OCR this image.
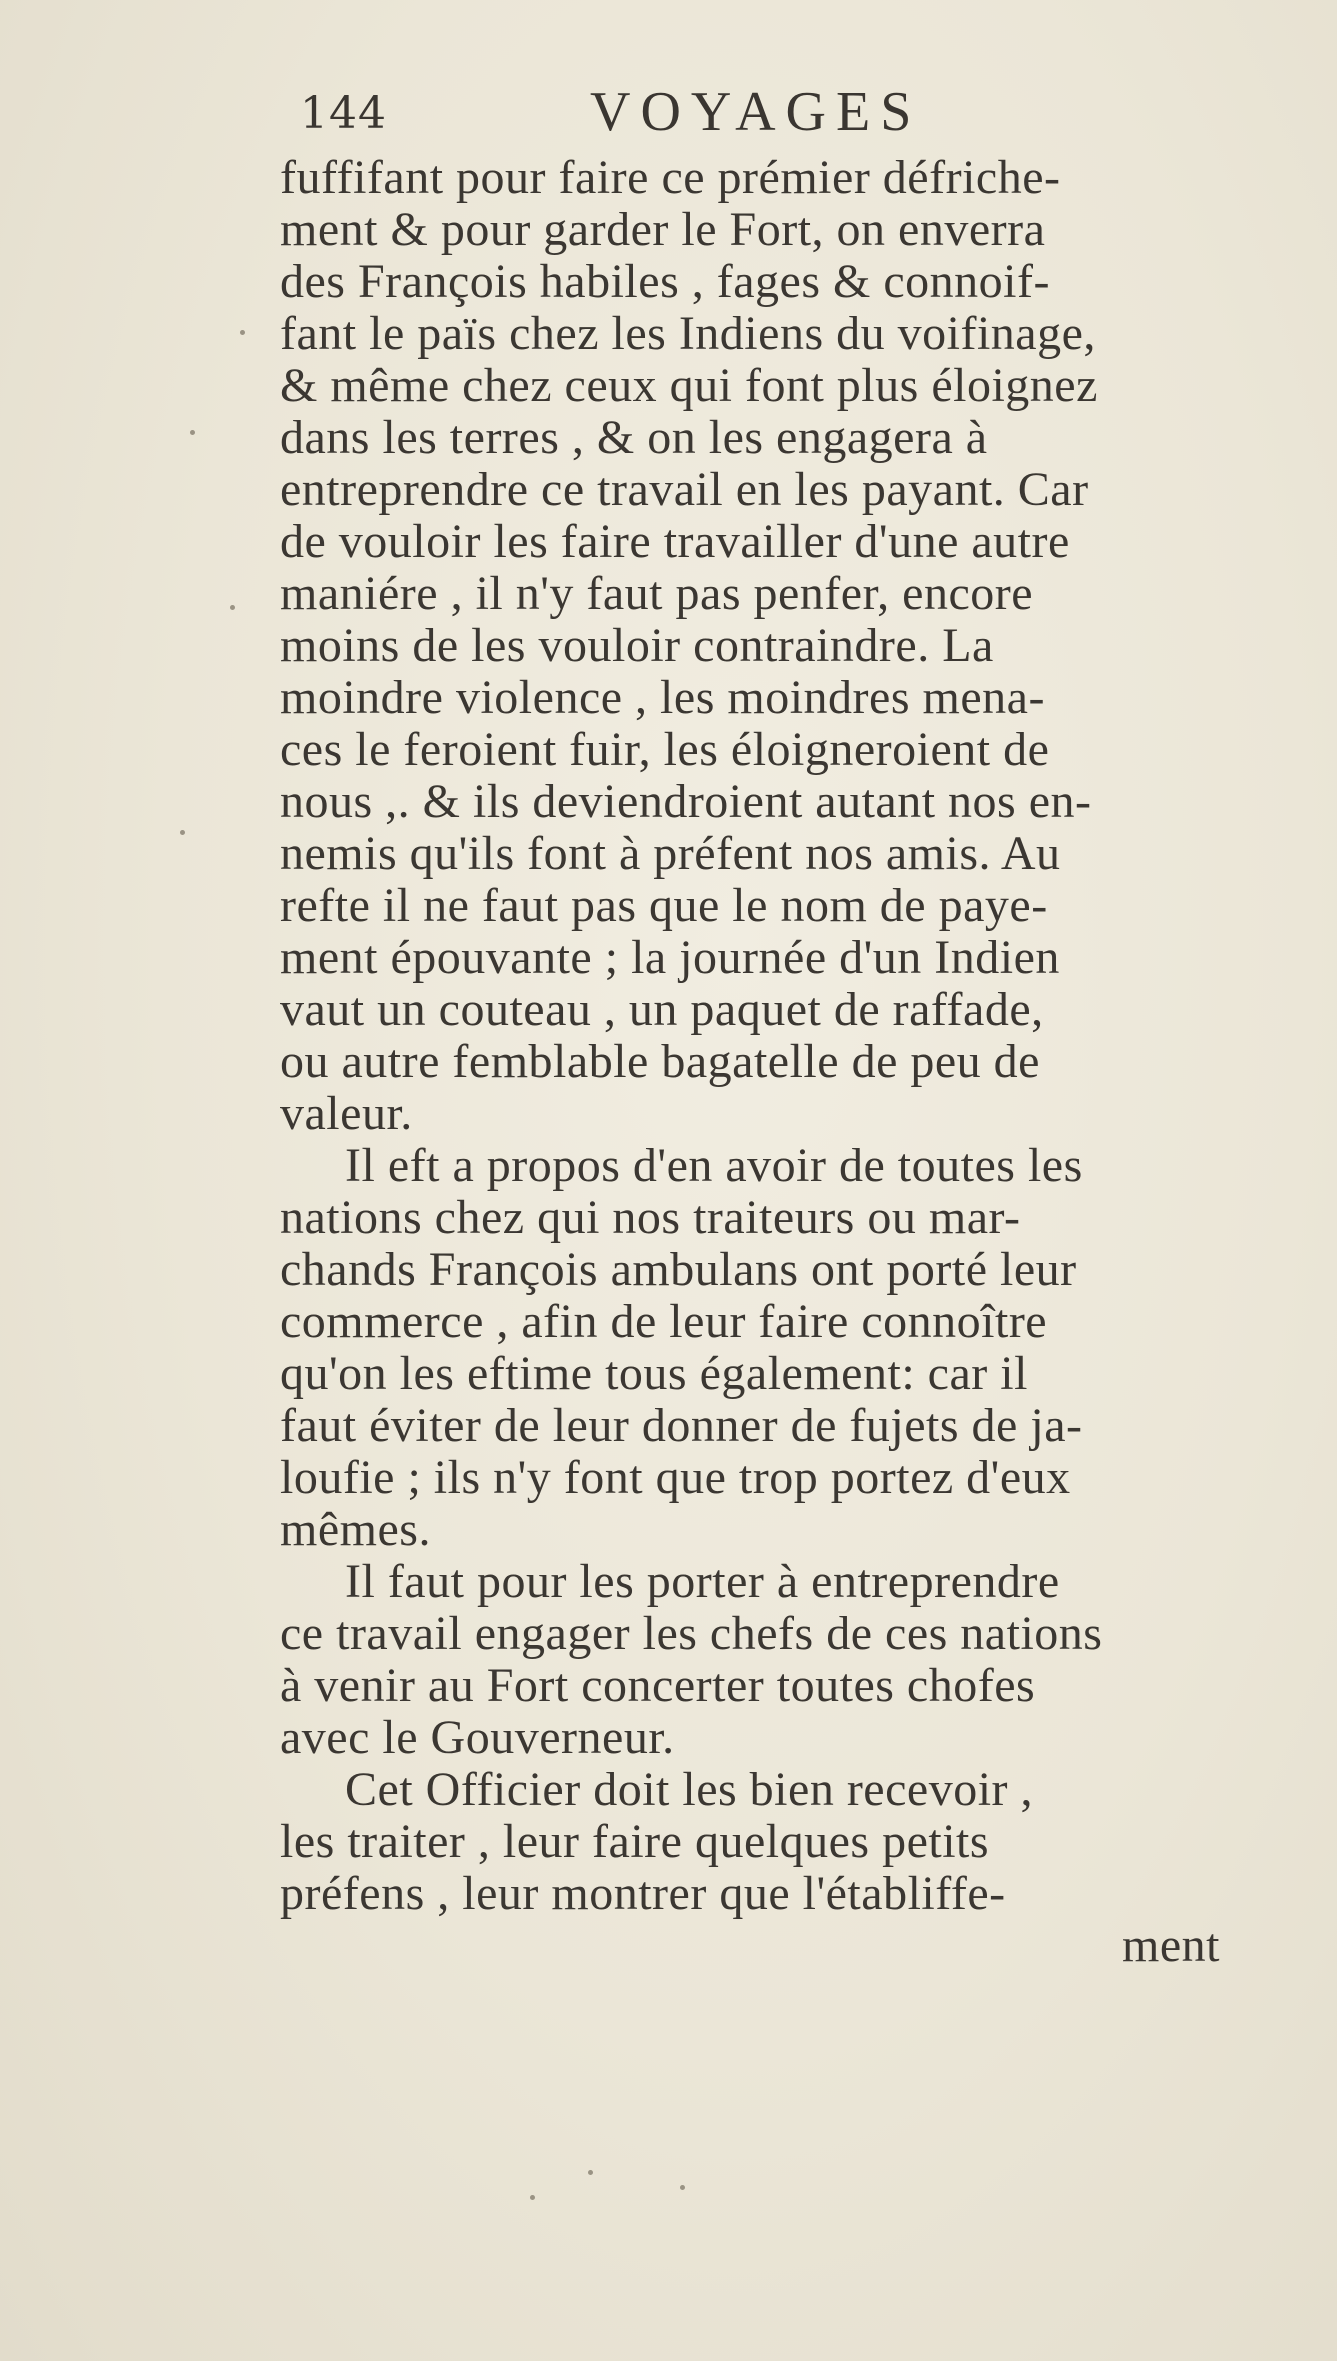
144	VOYAGES
fuffifant pour faire ce prémier défriche-
ment & pour garder le Fort, on enverra
des François habiles , fages & connoif-
fant le païs chez les Indiens du voifinage,
& même chez ceux qui font plus éloignez
dans les terres , & on les engagera à
entreprendre ce travail en les payant. Car
de vouloir les faire travailler d'une autre
maniére , il n'y faut pas penfer, encore
moins de les vouloir contraindre. La
moindre violence , les moindres mena-
ces le feroient fuir, les éloigneroient de
nous ,. & ils deviendroient autant nos en-
nemis qu'ils font à préfent nos amis. Au
refte il ne faut pas que le nom de paye-
ment épouvante ; la journée d'un Indien
vaut un couteau , un paquet de raffade,
ou autre femblable bagatelle de peu de
valeur.
Il eft a propos d'en avoir de toutes les
nations chez qui nos traiteurs ou mar-
chands François ambulans ont porté leur
commerce , afin de leur faire connoître
qu'on les eftime tous également: car il
faut éviter de leur donner de fujets de ja-
loufie ; ils n'y font que trop portez d'eux
mêmes.
Il faut pour les porter à entreprendre
ce travail engager les chefs de ces nations
à venir au Fort concerter toutes chofes
avec le Gouverneur.
Cet Officier doit les bien recevoir ,
les traiter , leur faire quelques petits
préfens , leur montrer que l'établiffe-
ment
